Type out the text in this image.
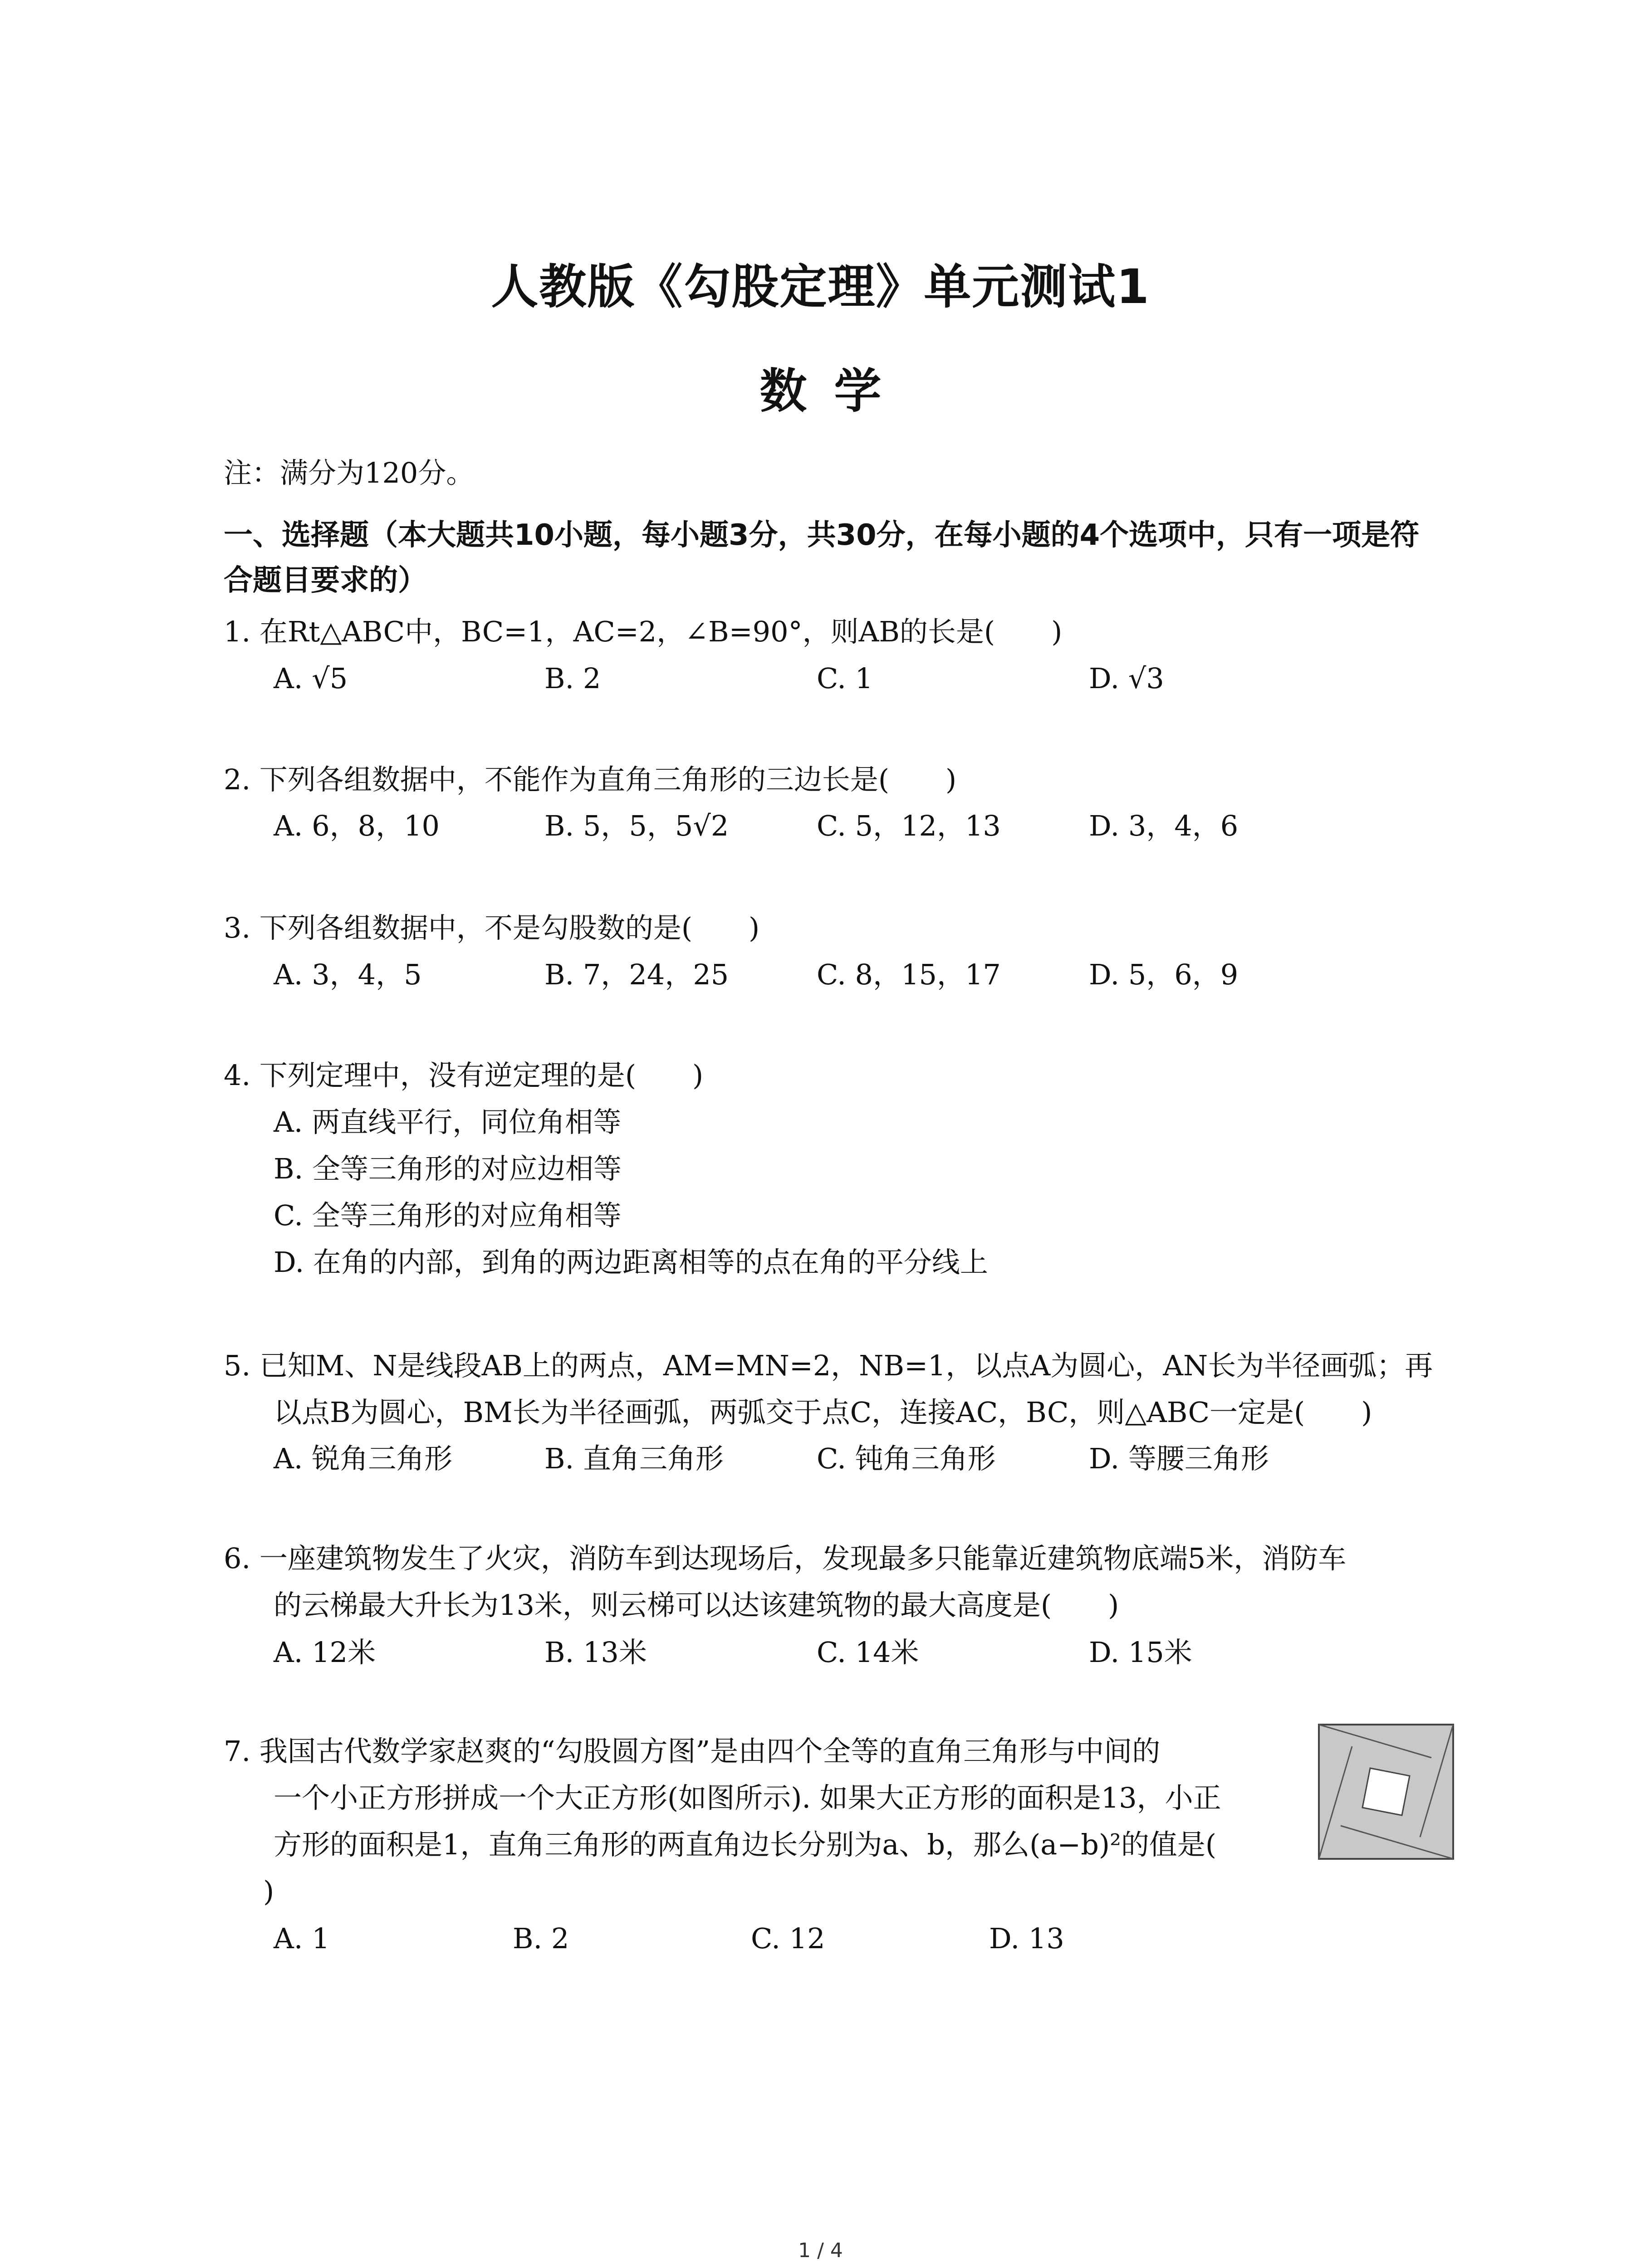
人教版《勾股定理》单元测试1
数学
注：满分为120分。
一、选择题（本大题共10小题，每小题3分，共30分，在每小题的4个选项中，只有一项是符
合题目要求的）
1. 在Rt△ABC中，BC=1，AC=2，∠B=90°，则AB的长是(　　)
A. √5	B. 2	C. 1	D. √3
2. 下列各组数据中，不能作为直角三角形的三边长是(　　)
A. 6，8，10	B. 5，5，5√2	C. 5，12，13	D. 3，4，6
3. 下列各组数据中，不是勾股数的是(　　)
A. 3，4，5	B. 7，24，25	C. 8，15，17	D. 5，6，9
4. 下列定理中，没有逆定理的是(　　)
A. 两直线平行，同位角相等
B. 全等三角形的对应边相等
C. 全等三角形的对应角相等
D. 在角的内部，到角的两边距离相等的点在角的平分线上
5. 已知M、N是线段AB上的两点，AM=MN=2，NB=1，以点A为圆心，AN长为半径画弧；再
以点B为圆心，BM长为半径画弧，两弧交于点C，连接AC，BC，则△ABC一定是(　　)
A. 锐角三角形	B. 直角三角形	C. 钝角三角形	D. 等腰三角形
6. 一座建筑物发生了火灾，消防车到达现场后，发现最多只能靠近建筑物底端5米，消防车
的云梯最大升长为13米，则云梯可以达该建筑物的最大高度是(　　)
A. 12米	B. 13米	C. 14米	D. 15米
7. 我国古代数学家赵爽的“勾股圆方图”是由四个全等的直角三角形与中间的
一个小正方形拼成一个大正方形(如图所示). 如果大正方形的面积是13，小正
方形的面积是1，直角三角形的两直角边长分别为a、b，那么(a−b)²的值是(
)
A. 1	B. 2	C. 12	D. 13
1 / 4
